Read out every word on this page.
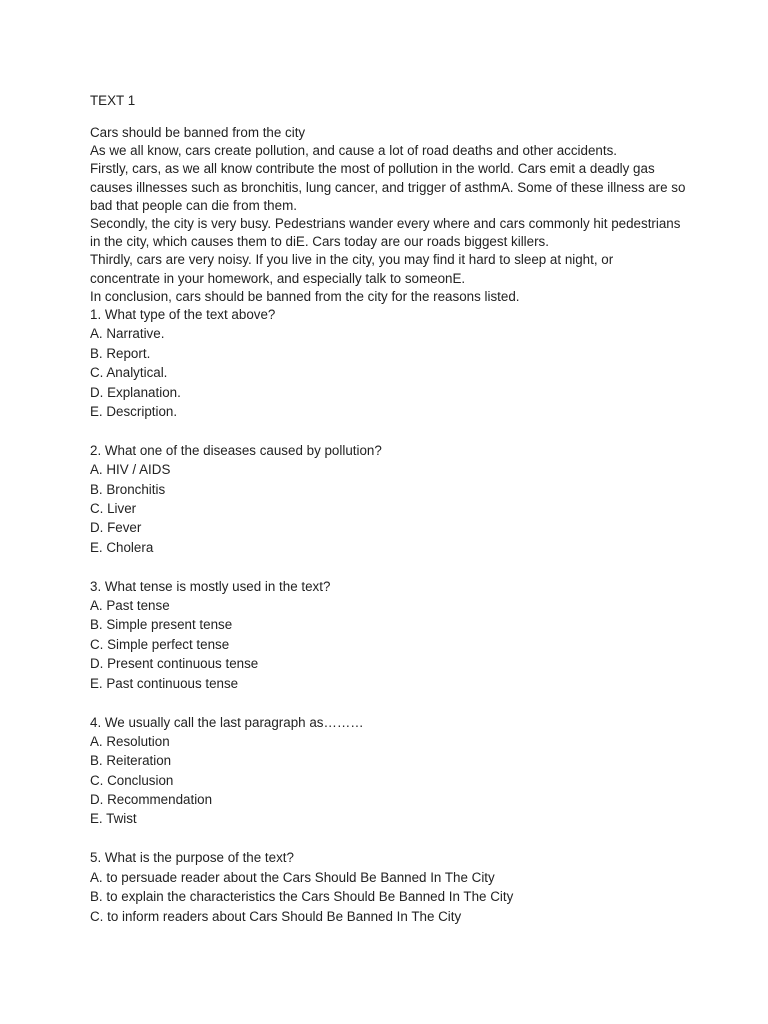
TEXT 1
Cars should be banned from the city
As we all know, cars create pollution, and cause a lot of road deaths and other accidents.
Firstly, cars, as we all know contribute the most of pollution in the world. Cars emit a deadly gas
causes illnesses such as bronchitis, lung cancer, and trigger of asthmA. Some of these illness are so
bad that people can die from them.
Secondly, the city is very busy. Pedestrians wander every where and cars commonly hit pedestrians
in the city, which causes them to diE. Cars today are our roads biggest killers.
Thirdly, cars are very noisy. If you live in the city, you may find it hard to sleep at night, or
concentrate in your homework, and especially talk to someonE.
In conclusion, cars should be banned from the city for the reasons listed.
1. What type of the text above?
A. Narrative.
B. Report.
C. Analytical.
D. Explanation.
E. Description.
2. What one of the diseases caused by pollution?
A. HIV / AIDS
B. Bronchitis
C. Liver
D. Fever
E. Cholera
3. What tense is mostly used in the text?
A. Past tense
B. Simple present tense
C. Simple perfect tense
D. Present continuous tense
E. Past continuous tense
4. We usually call the last paragraph as………
A. Resolution
B. Reiteration
C. Conclusion
D. Recommendation
E. Twist
5. What is the purpose of the text?
A. to persuade reader about the Cars Should Be Banned In The City
B. to explain the characteristics the Cars Should Be Banned In The City
C. to inform readers about Cars Should Be Banned In The City
